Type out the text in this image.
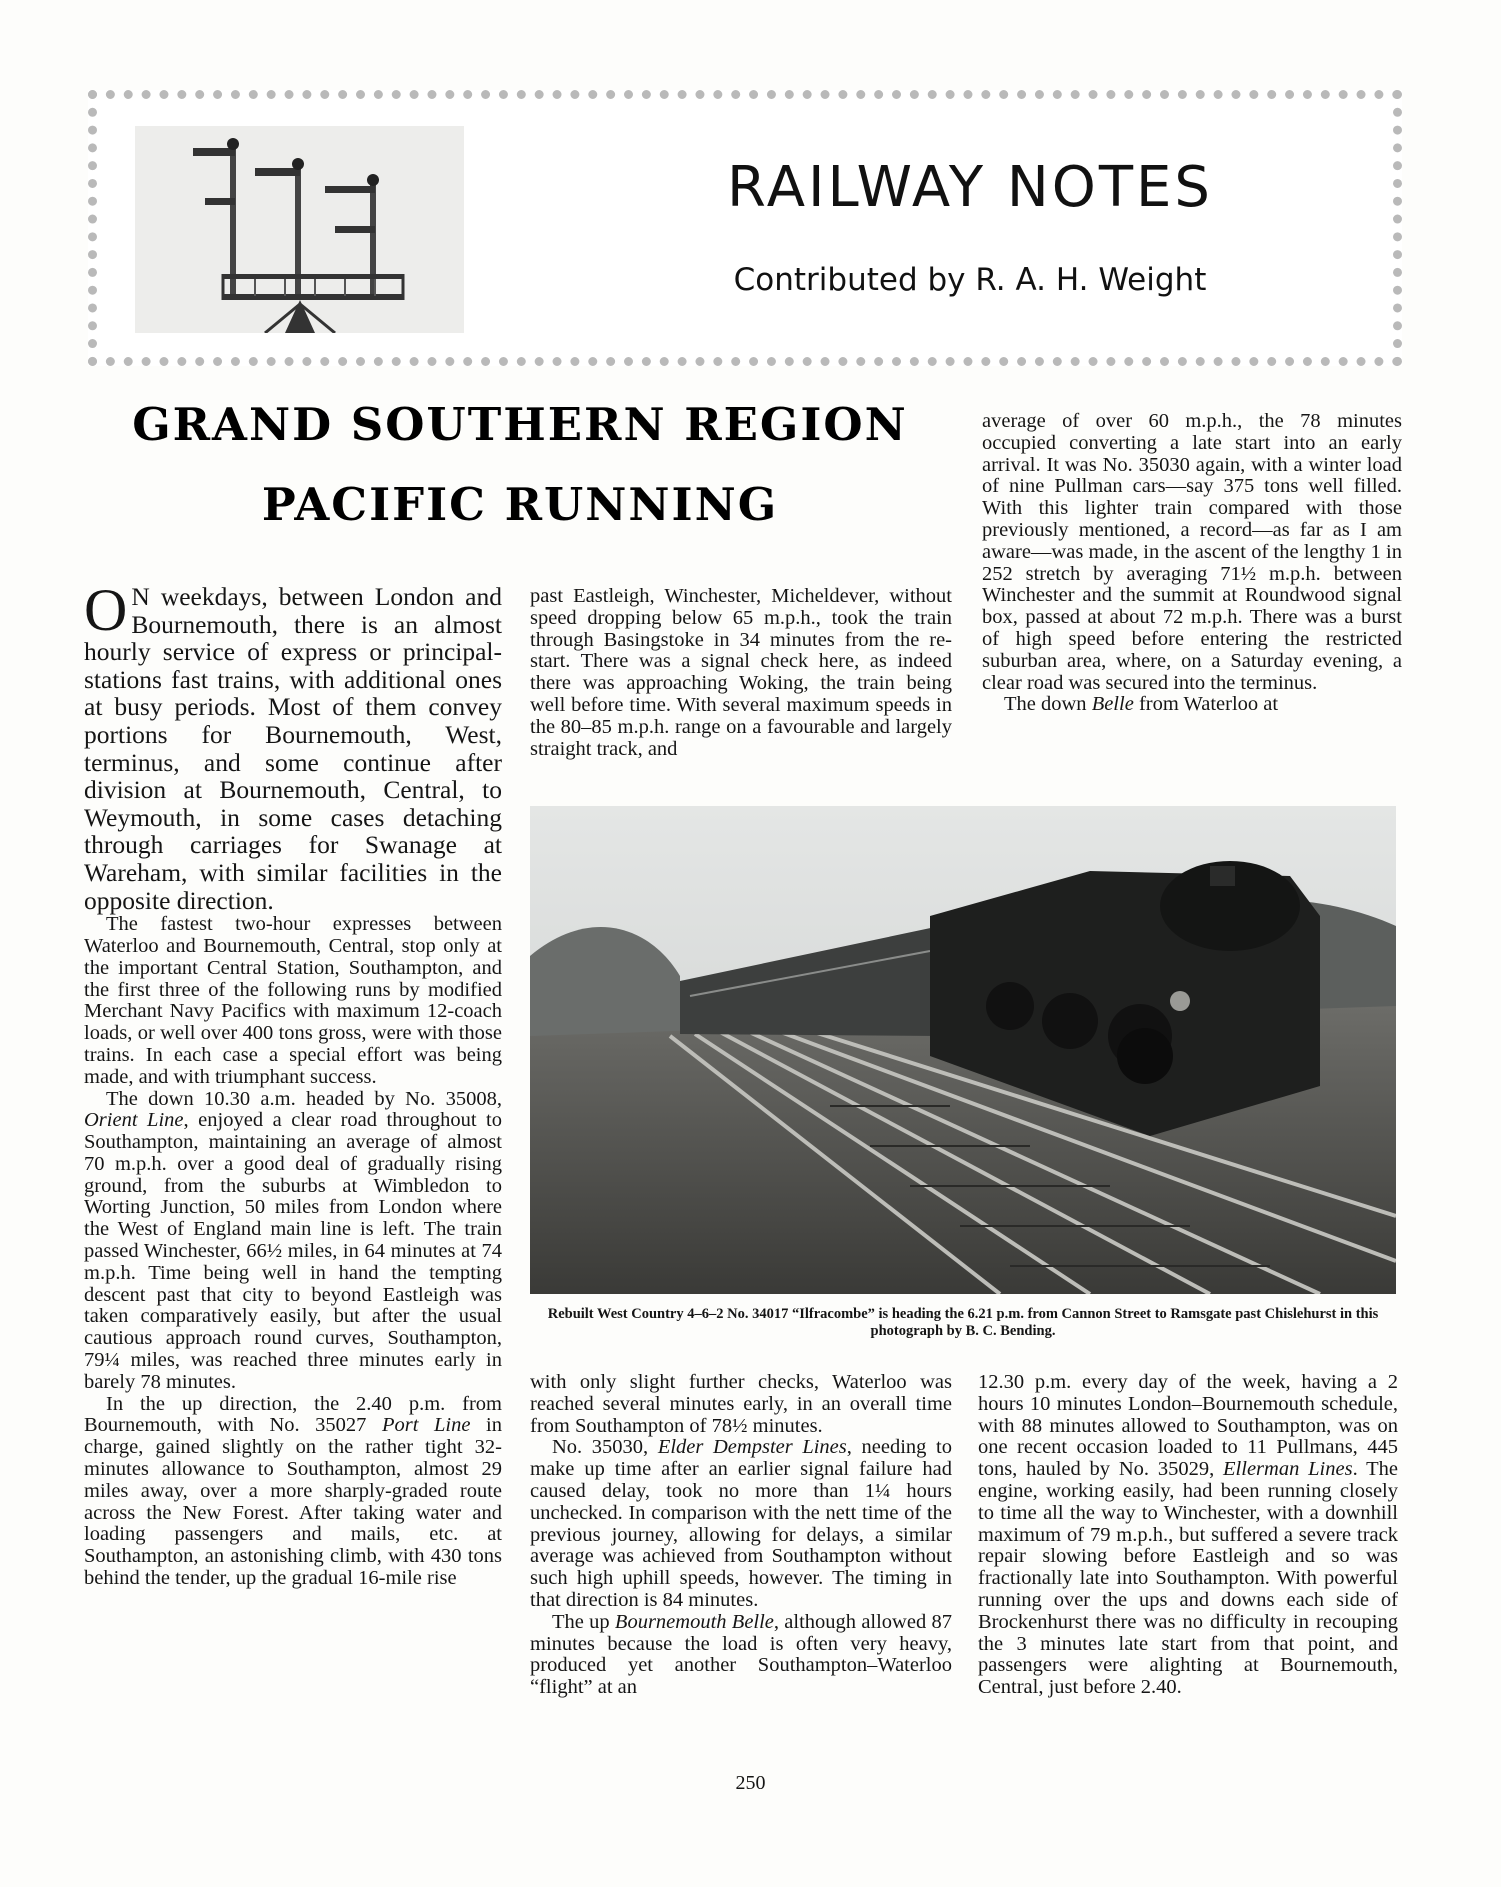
RAILWAY NOTES

Contributed by R. A. H. Weight

GRAND SOUTHERN REGION
PACIFIC RUNNING

O N weekdays, between London and Bournemouth, there is an almost hourly service of express or principal-stations fast trains, with additional ones at busy periods. Most of them convey portions for Bournemouth, West, terminus, and some continue after division at Bournemouth, Central, to Weymouth, in some cases detaching through carriages for Swanage at Wareham, with similar facilities in the opposite direction.

The fastest two-hour expresses between Waterloo and Bournemouth, Central, stop only at the important Central Station, Southampton, and the first three of the following runs by modified Merchant Navy Pacifics with maximum 12-coach loads, or well over 400 tons gross, were with those trains. In each case a special effort was being made, and with triumphant success.

The down 10.30 a.m. headed by No. 35008, Orient Line, enjoyed a clear road throughout to Southampton, maintaining an average of almost 70 m.p.h. over a good deal of gradually rising ground, from the suburbs at Wimbledon to Worting Junction, 50 miles from London where the West of England main line is left. The train passed Winchester, 66½ miles, in 64 minutes at 74 m.p.h. Time being well in hand the tempting descent past that city to beyond Eastleigh was taken comparatively easily, but after the usual cautious approach round curves, Southampton, 79¼ miles, was reached three minutes early in barely 78 minutes.

In the up direction, the 2.40 p.m. from Bournemouth, with No. 35027 Port Line in charge, gained slightly on the rather tight 32-minutes allowance to Southampton, almost 29 miles away, over a more sharply-graded route across the New Forest. After taking water and loading passengers and mails, etc. at Southampton, an astonishing climb, with 430 tons behind the tender, up the gradual 16-mile rise

past Eastleigh, Winchester, Micheldever, without speed dropping below 65 m.p.h., took the train through Basingstoke in 34 minutes from the re-start. There was a signal check here, as indeed there was approaching Woking, the train being well before time. With several maximum speeds in the 80–85 m.p.h. range on a favourable and largely straight track, and

average of over 60 m.p.h., the 78 minutes occupied converting a late start into an early arrival. It was No. 35030 again, with a winter load of nine Pullman cars—say 375 tons well filled. With this lighter train compared with those previously mentioned, a record—as far as I am aware—was made, in the ascent of the lengthy 1 in 252 stretch by averaging 71½ m.p.h. between Winchester and the summit at Roundwood signal box, passed at about 72 m.p.h. There was a burst of high speed before entering the restricted suburban area, where, on a Saturday evening, a clear road was secured into the terminus.

The down Belle from Waterloo at

Rebuilt West Country 4–6–2 No. 34017 “Ilfracombe” is heading the 6.21 p.m. from Cannon Street to Ramsgate past Chislehurst in this photograph by B. C. Bending.

with only slight further checks, Waterloo was reached several minutes early, in an overall time from Southampton of 78½ minutes.

No. 35030, Elder Dempster Lines, needing to make up time after an earlier signal failure had caused delay, took no more than 1¼ hours unchecked. In comparison with the nett time of the previous journey, allowing for delays, a similar average was achieved from Southampton without such high uphill speeds, however. The timing in that direction is 84 minutes.

The up Bournemouth Belle, although allowed 87 minutes because the load is often very heavy, produced yet another Southampton–Waterloo “flight” at an

12.30 p.m. every day of the week, having a 2 hours 10 minutes London–Bournemouth schedule, with 88 minutes allowed to Southampton, was on one recent occasion loaded to 11 Pullmans, 445 tons, hauled by No. 35029, Ellerman Lines. The engine, working easily, had been running closely to time all the way to Winchester, with a downhill maximum of 79 m.p.h., but suffered a severe track repair slowing before Eastleigh and so was fractionally late into Southampton. With powerful running over the ups and downs each side of Brockenhurst there was no difficulty in recouping the 3 minutes late start from that point, and passengers were alighting at Bournemouth, Central, just before 2.40.

250
